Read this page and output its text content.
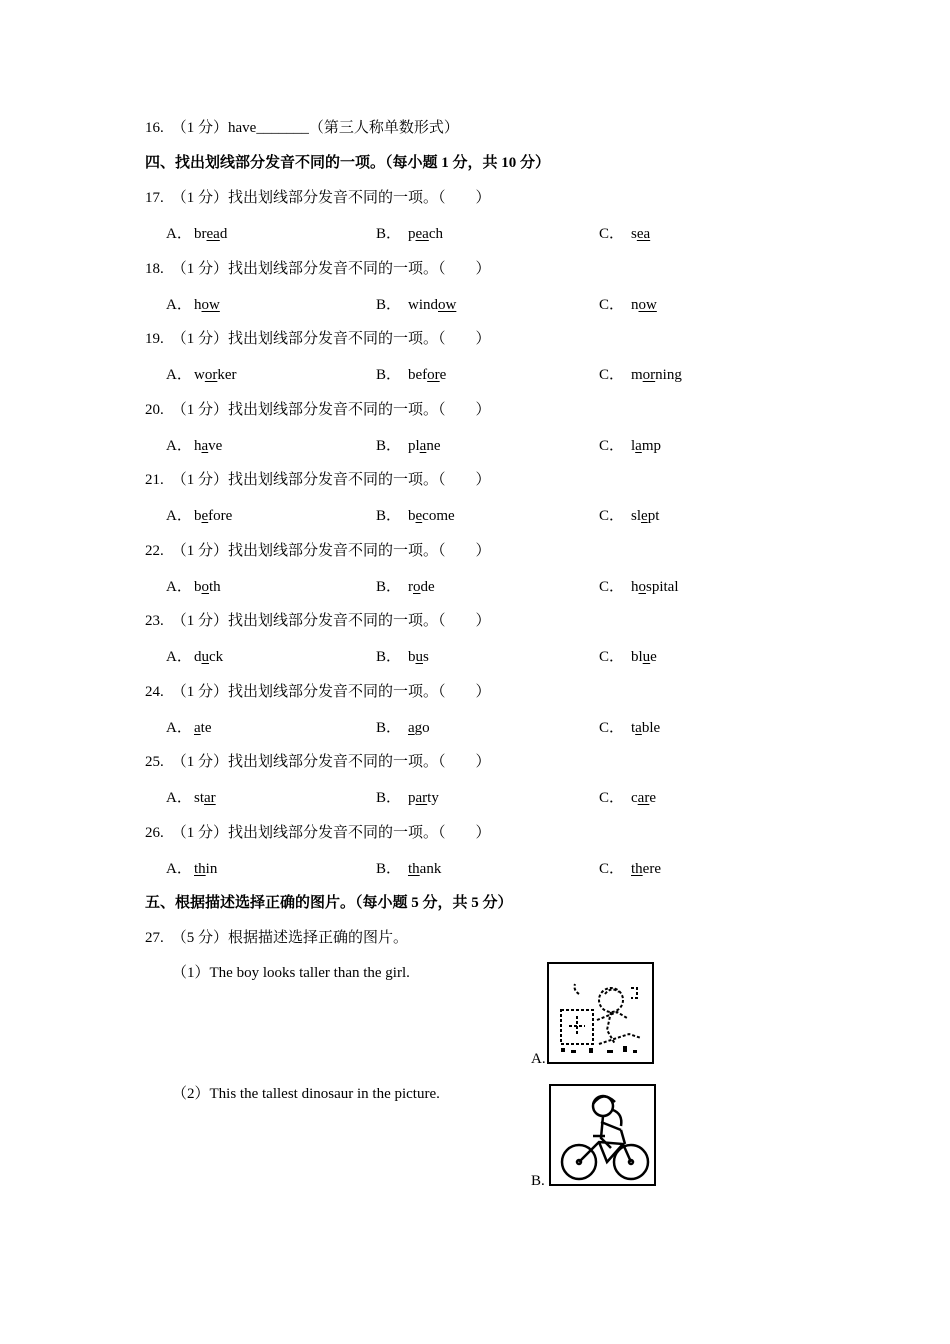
16. （1 分）have_______（第三人称单数形式）
四、找出划线部分发音不同的一项。（每小题 1 分，共 10 分）
17. （1 分）找出划线部分发音不同的一项。（　　）
A． bread	B． peach	C． sea
18. （1 分）找出划线部分发音不同的一项。（　　）
A． how	B． window	C． now
19. （1 分）找出划线部分发音不同的一项。（　　）
A． worker	B． before	C． morning
20. （1 分）找出划线部分发音不同的一项。（　　）
A． have	B． plane	C． lamp
21. （1 分）找出划线部分发音不同的一项。（　　）
A． before	B． become	C． slept
22. （1 分）找出划线部分发音不同的一项。（　　）
A． both	B． rode	C． hospital
23. （1 分）找出划线部分发音不同的一项。（　　）
A． duck	B． bus	C． blue
24. （1 分）找出划线部分发音不同的一项。（　　）
A． ate	B． ago	C． table
25. （1 分）找出划线部分发音不同的一项。（　　）
A． star	B． party	C． care
26. （1 分）找出划线部分发音不同的一项。（　　）
A． thin	B． thank	C． there
五、根据描述选择正确的图片。（每小题 5 分，共 5 分）
27. （5 分）根据描述选择正确的图片。
（1）The boy looks taller than the girl.
（2）This the tallest dinosaur in the picture.
A.
B.
